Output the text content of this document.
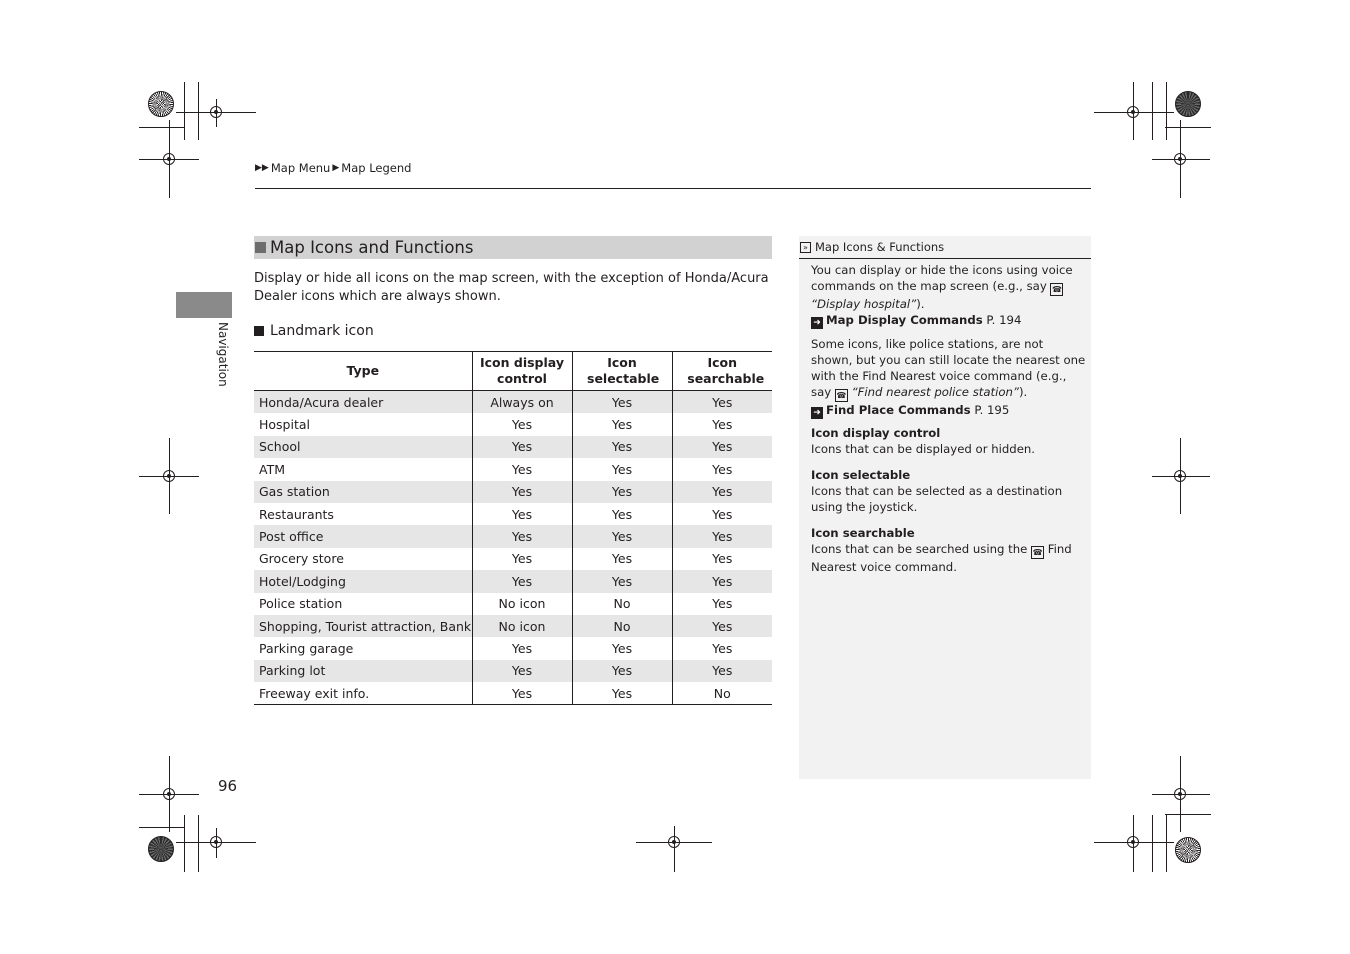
▶▶ Map Menu ▶ Map Legend
Navigation
Map Icons and Functions
Display or hide all icons on the map screen, with the exception of Honda/Acura Dealer icons which are always shown.
Landmark icon
Type	Icon display control	Icon selectable	Icon searchable

Honda/Acura dealer	Always on	Yes	Yes
Hospital	Yes	Yes	Yes
School	Yes	Yes	Yes
ATM	Yes	Yes	Yes
Gas station	Yes	Yes	Yes
Restaurants	Yes	Yes	Yes
Post office	Yes	Yes	Yes
Grocery store	Yes	Yes	Yes
Hotel/Lodging	Yes	Yes	Yes
Police station	No icon	No	Yes
Shopping, Tourist attraction, Bank	No icon	No	Yes
Parking garage	Yes	Yes	Yes
Parking lot	Yes	Yes	Yes
Freeway exit info.	Yes	Yes	No
» Map Icons & Functions
You can display or hide the icons using voice commands on the map screen (e.g., say ☎ “Display hospital”).
➜ Map Display Commands P. 194
Some icons, like police stations, are not shown, but you can still locate the nearest one with the Find Nearest voice command (e.g., say ☎ “Find nearest police station”).
➜ Find Place Commands P. 195
Icon display control
Icons that can be displayed or hidden.
Icon selectable
Icons that can be selected as a destination using the joystick.
Icon searchable
Icons that can be searched using the ☎ Find Nearest voice command.
96
